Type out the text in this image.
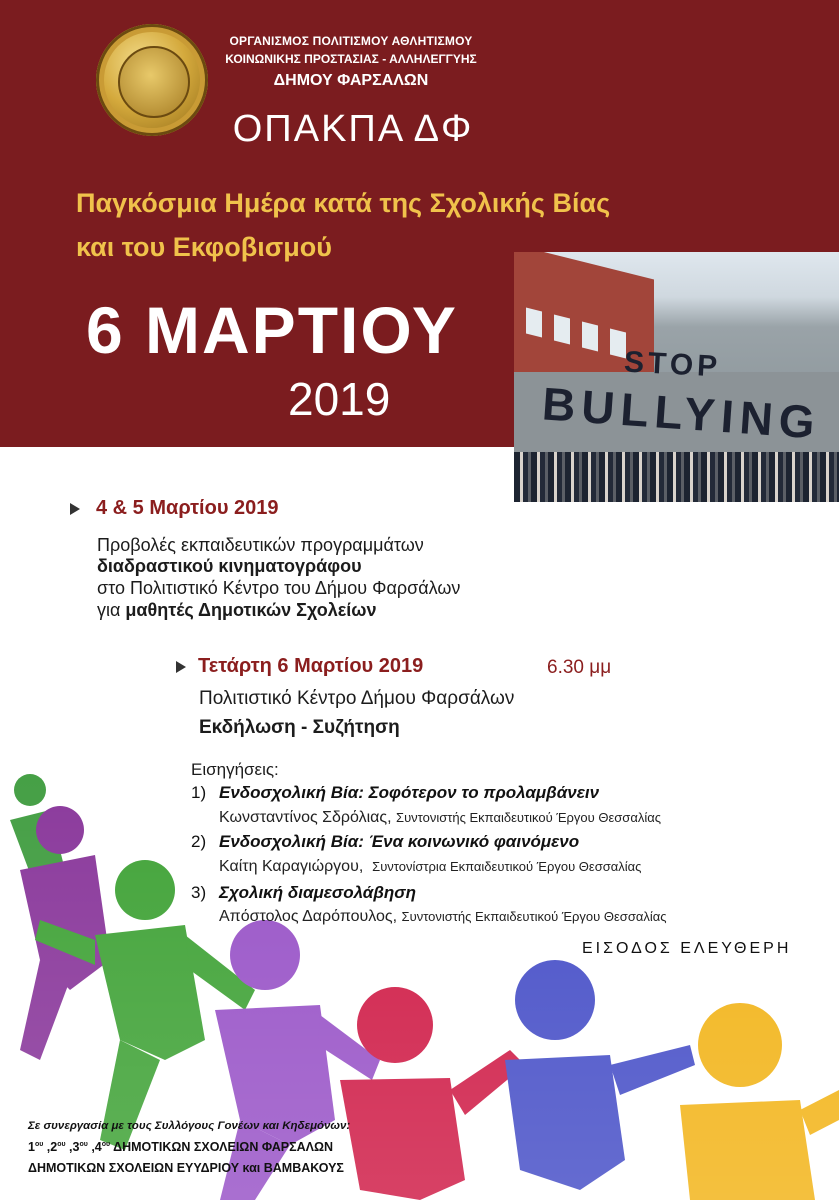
ΟΡΓΑΝΙΣΜΟΣ ΠΟΛΙΤΙΣΜΟΥ ΑΘΛΗΤΙΣΜΟΥ
ΚΟΙΝΩΝΙΚΗΣ ΠΡΟΣΤΑΣΙΑΣ - ΑΛΛΗΛΕΓΓΥΗΣ
ΔΗΜΟΥ ΦΑΡΣΑΛΩΝ
ΟΠΑΚΠΑ ΔΦ
Παγκόσμια Ημέρα κατά της Σχολικής Βίας
και του Εκφοβισμού
6 ΜΑΡΤΙΟΥ
2019
STOP
BULLYING
4 & 5 Μαρτίου 2019
Προβολές εκπαιδευτικών προγραμμάτων
διαδραστικού κινηματογράφου
στο Πολιτιστικό Κέντρο του Δήμου Φαρσάλων
για μαθητές Δημοτικών Σχολείων
Τετάρτη 6 Μαρτίου 2019	6.30 μμ
Πολιτιστικό Κέντρο Δήμου Φαρσάλων
Εκδήλωση - Συζήτηση
Εισηγήσεις:
1) Ενδοσχολική Βία: Σοφότερον το προλαμβάνειν
Κωνσταντίνος Σδρόλιας, Συντονιστής Εκπαιδευτικού Έργου Θεσσαλίας
2) Ενδοσχολική Βία: Ένα κοινωνικό φαινόμενο
Καίτη Καραγιώργου, Συντονίστρια Εκπαιδευτικού Έργου Θεσσαλίας
3) Σχολική διαμεσολάβηση
Απόστολος Δαρόπουλος, Συντονιστής Εκπαιδευτικού Έργου Θεσσαλίας
ΕΙΣΟΔΟΣ ΕΛΕΥΘΕΡΗ
Σε συνεργασία με τους Συλλόγους Γονέων και Κηδεμόνων:
$1^{o\upsilon}$ $,2^{o\upsilon}$ $,3^{o\upsilon}$ $,4^{o\upsilon}$ ΔΗΜΟΤΙΚΩΝ ΣΧΟΛΕΙΩΝ ΦΑΡΣΑΛΩΝ
ΔΗΜΟΤΙΚΩΝ ΣΧΟΛΕΙΩΝ ΕΥΥΔΡΙΟΥ και ΒΑΜΒΑΚΟΥΣ
